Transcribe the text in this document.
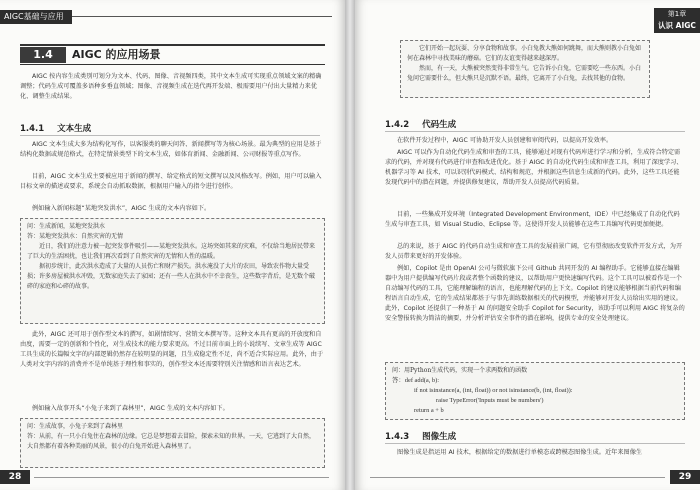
AIGC基础与应用
1.4	AIGC 的应用场景

AIGC 按内容生成类别可划分为文本、代码、图像、音视频四类，其中文本生成可实现重点领域文案的精确调整；代码生成可覆盖多语种多垂直领域；图像、音视频生成在迭代再开发端、极需要用户付出大量精力来优化、调整生成结果。

1.4.1 文本生成

AIGC 文本生成大多为结构化写作，以客服类的聊天问答、新闻撰写等为核心场景。最为典型的应用是基于结构化数据或规范格式，在特定情景类型下的文本生成，如体育新闻、金融新闻、公司财报等重点写作。

目前，AIGC 文本生成主要被应用于新闻的撰写、给定格式的短文撰写以及风格改写。例如，用户可以输入目标文章的描述或要求，系统会自动抓取数据，根据用户输入的指令进行创作。

例如输入新闻标题“某地突发洪水”，AIGC 生成的文本内容如下。

问：生成新闻，某地突发洪水

答：某地突发洪水：自然灾害的无情

近日，我们的注意力被一起突发事件吸引——某地突发洪水。这场突如其来的灾难，不仅给当地居民带来了巨大的生活困扰，也让我们再次看到了自然灾害的无情和人性的温暖。

据初步统计，此次洪水造成了大量的人员伤亡和财产损失。洪水淹没了大片的农田，导致农作物大量受损；许多房屋被洪水冲毁，无数家庭失去了家园；还有一些人在洪水中不幸丧生，这些数字背后，是无数个破碎的家庭和心碎的故事。

此外，AIGC 还可用于创作型文本的撰写，如剧情续写、营销文本撰写等。这种文本具有更高的开放度和自由度，需要一定的创新和个性化，对生成技术的能力要求更高。不过目前市面上的小说续写、文章生成等 AIGC 工具生成的长篇幅文字的内部逻辑仍然存在较明显的问题，且生成稳定性不足，尚不适合实际应用。此外，由于人类对文字内容的消费并不是单纯基于理性和事实的，创作型文本还需要特别关注情感和语言表达艺术。

例如输入故事开头“小兔子来到了森林里”，AIGC 生成的文本内容如下。

问：生成故事，小兔子来到了森林里

答：从前，有一只小白兔住在森林的边缘。它总是梦想着去冒险，探索未知的世界。一天，它逃到了大自然，大自然都有着各种美丽的风景，很小的白兔开始进入森林里了。

28
第1章
认识 AIGC

它们开始一起玩耍、分享食物和故事。小白兔教大熊如何跳舞，而大熊则教小白兔如何在森林中寻找美味的蘑菇。它们的友谊变得越来越深厚。

然而，有一天，大熊被突然变得非常生气。它告诉小白兔，它需要吃一些东西。小白兔问它需要什么，但大熊只是沉默不语。最终，它离开了小白兔，去找其他的食物。

1.4.2 代码生成

在软件开发过程中，AIGC 可协助开发人员创建和审阅代码，以提高开发效率。

AIGC 可以作为自动化代码生成和审查的工具，能够通过对现有代码库进行学习和分析，生成符合特定需求的代码，并对现有代码进行审查和改进优化。基于 AIGC 的自动化代码生成和审查工具，利用了深度学习、机器学习等 AI 技术，可以识别代码模式、结构和规范，并根据这些信息生成新的代码。此外，这些工具还能发现代码中的潜在问题，并提供修复建议，帮助开发人员提高代码质量。

目前，一些集成开发环境（Integrated Development Environment，IDE）中已经集成了自动化代码生成与审查工具，如 Visual Studio、Eclipse 等。这使得开发人员能够在这些工具编写代码更加便捷。

总的来说，基于 AIGC 的代码自动生成和审查工具的发展前景广阔，它有望彻底改变软件开发方式，为开发人员带来更好的开发体验。

例如，Copilot 是由 OpenAI 公司与微软旗下公司 Github 共同开发的 AI 编程助手。它能够直接在编辑器中为用户提供编写代码片段或者整个函数的建议，以帮助用户更快速编写代码。这个工具可以被看作是一个自动编写代码的工具，它能理解编程的语言，也能理解代码的上下文。Copilot 的建议能够根据当前代码和编程语言自动生成，它的生成结果都基于与事先训练数据相关的代码模型，并能够对开发人员给出实用的建议。此外，Copilot 还提供了一种基于 AI 的问题安全助手 Copilot for Security，该助手可以利用 AIGC 将复杂的安全警报转换为简洁的摘要，并分析评估安全事件的潜在影响，提供专业的安全处理建议。

问：用Python生成代码，实现一个求两数和的函数

答：def add(a, b):

if not isinstance(a, (int, float)) or not isinstance(b, (int, float)):

raise TypeError('Inputs must be numbers')

return a + b

1.4.3 图像生成

图像生成是指运用 AI 技术，根据给定的数据进行单模态或跨模态图像生成。近年来图像生

29
